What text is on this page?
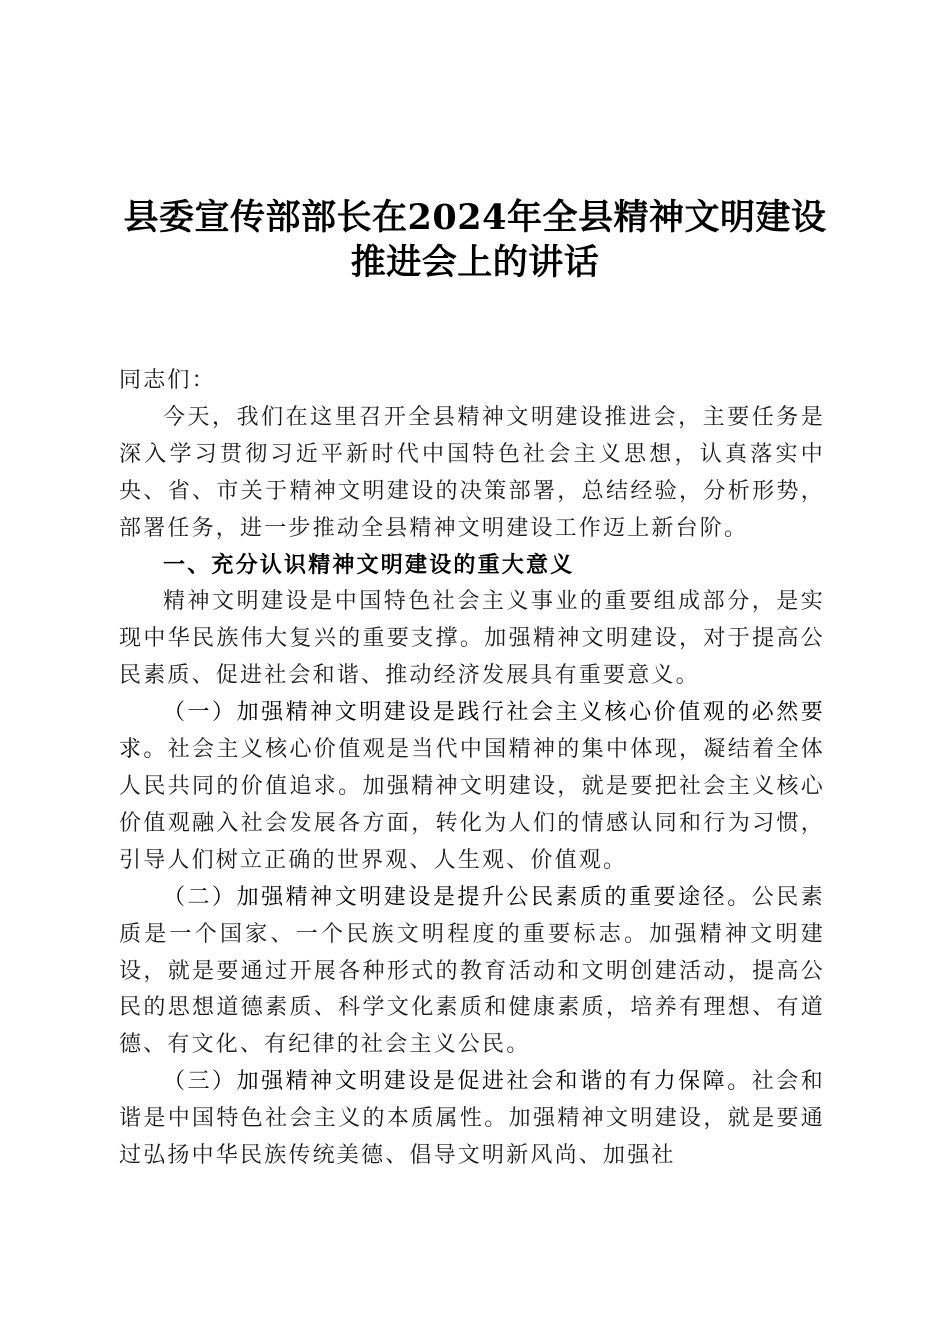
县委宣传部部长在2024年全县精神文明建设
推进会上的讲话

同志们：

今天，我们在这里召开全县精神文明建设推进会，主要任务是深入学习贯彻习近平新时代中国特色社会主义思想，认真落实中央、省、市关于精神文明建设的决策部署，总结经验，分析形势，部署任务，进一步推动全县精神文明建设工作迈上新台阶。

一、充分认识精神文明建设的重大意义

精神文明建设是中国特色社会主义事业的重要组成部分，是实现中华民族伟大复兴的重要支撑。加强精神文明建设，对于提高公民素质、促进社会和谐、推动经济发展具有重要意义。

（一）加强精神文明建设是践行社会主义核心价值观的必然要求。社会主义核心价值观是当代中国精神的集中体现，凝结着全体人民共同的价值追求。加强精神文明建设，就是要把社会主义核心价值观融入社会发展各方面，转化为人们的情感认同和行为习惯，引导人们树立正确的世界观、人生观、价值观。

（二）加强精神文明建设是提升公民素质的重要途径。公民素质是一个国家、一个民族文明程度的重要标志。加强精神文明建设，就是要通过开展各种形式的教育活动和文明创建活动，提高公民的思想道德素质、科学文化素质和健康素质，培养有理想、有道德、有文化、有纪律的社会主义公民。

（三）加强精神文明建设是促进社会和谐的有力保障。社会和谐是中国特色社会主义的本质属性。加强精神文明建设，就是要通过弘扬中华民族传统美德、倡导文明新风尚、加强社
